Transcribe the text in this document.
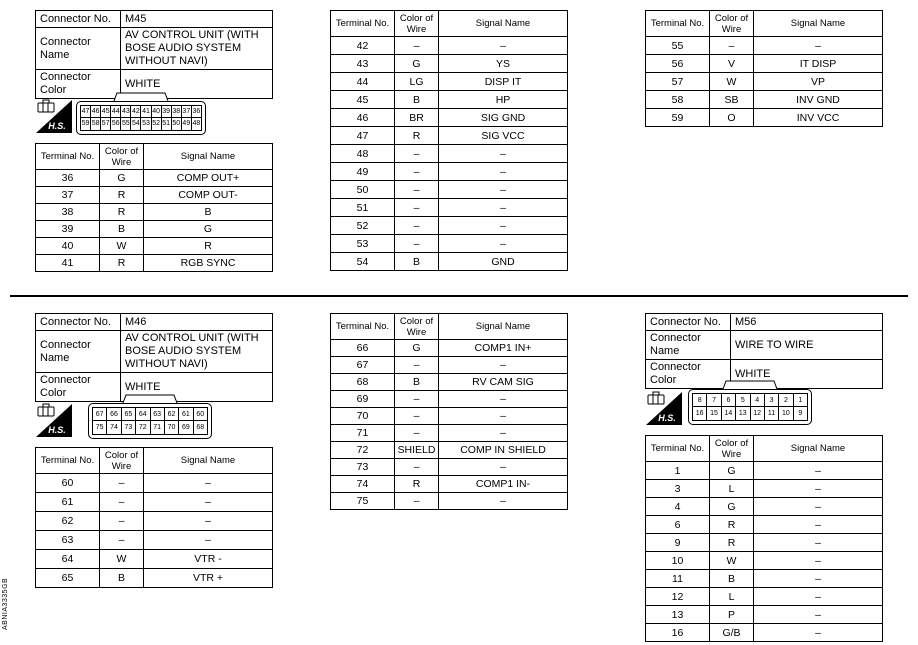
Connector No.	M45
Connector Name	AV CONTROL UNIT (WITH BOSE AUDIO SYSTEM WITHOUT NAVI)
Connector Color	WHITE
H.S.
47 46 45 44 43 42 41 40 39 38 37 36
59 58 57 56 55 54 53 52 51 50 49 48
Terminal No.	Color of Wire	Signal Name
36	G	COMP OUT+
37	R	COMP OUT-
38	R	B
39	B	G
40	W	R
41	R	RGB SYNC
Terminal No.	Color of Wire	Signal Name
42	–	–
43	G	YS
44	LG	DISP IT
45	B	HP
46	BR	SIG GND
47	R	SIG VCC
48	–	–
49	–	–
50	–	–
51	–	–
52	–	–
53	–	–
54	B	GND
Terminal No.	Color of Wire	Signal Name
55	–	–
56	V	IT DISP
57	W	VP
58	SB	INV GND
59	O	INV VCC
Connector No.	M46
Connector Name	AV CONTROL UNIT (WITH BOSE AUDIO SYSTEM WITHOUT NAVI)
Connector Color	WHITE
H.S.
67 66 65 64 63 62 61 60
75 74 73 72 71 70 69 68
Terminal No.	Color of Wire	Signal Name
60	–	–
61	–	–
62	–	–
63	–	–
64	W	VTR -
65	B	VTR +
Terminal No.	Color of Wire	Signal Name
66	G	COMP1 IN+
67	–	–
68	B	RV CAM SIG
69	–	–
70	–	–
71	–	–
72	SHIELD	COMP IN SHIELD
73	–	–
74	R	COMP1 IN-
75	–	–
Connector No.	M56
Connector Name	WIRE TO WIRE
Connector Color	WHITE
H.S.
8	7	6	5	4	3	2	1
16 15 14 13 12 11 10	9
Terminal No.	Color of Wire	Signal Name
1	G	–
3	L	–
4	G	–
6	R	–
9	R	–
10	W	–
11	B	–
12	L	–
13	P	–
16	G/B	–
ABNIA3335GB
